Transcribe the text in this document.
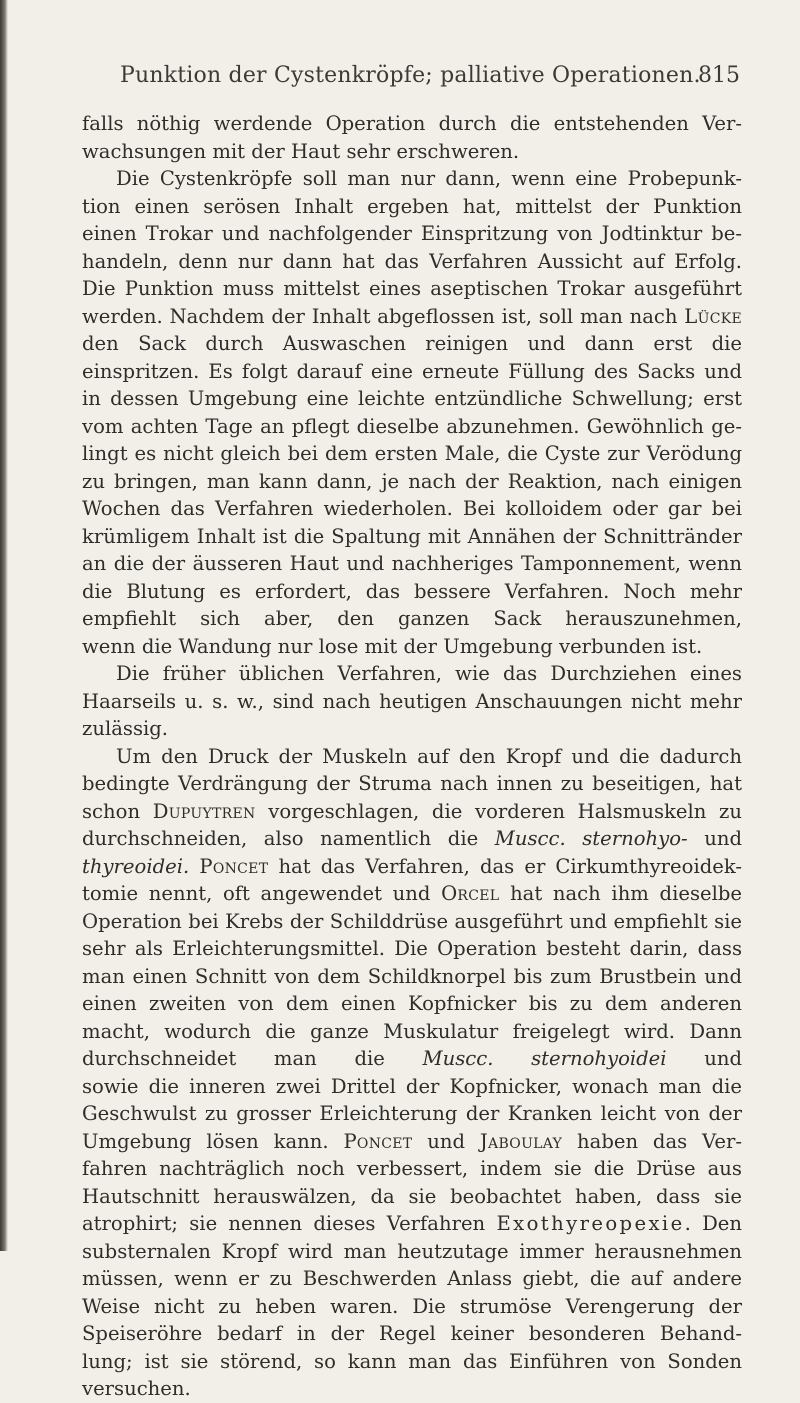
Punktion der Cystenkröpfe; palliative Operationen.
815
falls nöthig werdende Operation durch die entstehenden Ver-
wachsungen mit der Haut sehr erschweren.
Die Cystenkröpfe soll man nur dann, wenn eine Probepunk-
tion einen serösen Inhalt ergeben hat, mittelst der Punktion
einen Trokar und nachfolgender Einspritzung von Jodtinktur be-
handeln, denn nur dann hat das Verfahren Aussicht auf Erfolg.
Die Punktion muss mittelst eines aseptischen Trokar ausgeführt
werden. Nachdem der Inhalt abgeflossen ist, soll man nach Lücke
den Sack durch Auswaschen reinigen und dann erst die
einspritzen. Es folgt darauf eine erneute Füllung des Sacks und
in dessen Umgebung eine leichte entzündliche Schwellung; erst
vom achten Tage an pflegt dieselbe abzunehmen. Gewöhnlich ge-
lingt es nicht gleich bei dem ersten Male, die Cyste zur Verödung
zu bringen, man kann dann, je nach der Reaktion, nach einigen
Wochen das Verfahren wiederholen. Bei kolloidem oder gar bei
krümligem Inhalt ist die Spaltung mit Annähen der Schnittränder
an die der äusseren Haut und nachheriges Tamponnement, wenn
die Blutung es erfordert, das bessere Verfahren. Noch mehr
empfiehlt sich aber, den ganzen Sack herauszunehmen,
wenn die Wandung nur lose mit der Umgebung verbunden ist.
Die früher üblichen Verfahren, wie das Durchziehen eines
Haarseils u. s. w., sind nach heutigen Anschauungen nicht mehr
zulässig.
Um den Druck der Muskeln auf den Kropf und die dadurch
bedingte Verdrängung der Struma nach innen zu beseitigen, hat
schon Dupuytren vorgeschlagen, die vorderen Halsmuskeln zu
durchschneiden, also namentlich die Muscc. sternohyo- und
thyreoidei. Poncet hat das Verfahren, das er Cirkumthyreoidek-
tomie nennt, oft angewendet und Orcel hat nach ihm dieselbe
Operation bei Krebs der Schilddrüse ausgeführt und empfiehlt sie
sehr als Erleichterungsmittel. Die Operation besteht darin, dass
man einen Schnitt von dem Schildknorpel bis zum Brustbein und
einen zweiten von dem einen Kopfnicker bis zu dem anderen
macht, wodurch die ganze Muskulatur freigelegt wird. Dann
durchschneidet man die Muscc. sternohyoidei und
sowie die inneren zwei Drittel der Kopfnicker, wonach man die
Geschwulst zu grosser Erleichterung der Kranken leicht von der
Umgebung lösen kann. Poncet und Jaboulay haben das Ver-
fahren nachträglich noch verbessert, indem sie die Drüse aus
Hautschnitt herauswälzen, da sie beobachtet haben, dass sie
atrophirt; sie nennen dieses Verfahren Exothyreopexie. Den
substernalen Kropf wird man heutzutage immer herausnehmen
müssen, wenn er zu Beschwerden Anlass giebt, die auf andere
Weise nicht zu heben waren. Die strumöse Verengerung der
Speiseröhre bedarf in der Regel keiner besonderen Behand-
lung; ist sie störend, so kann man das Einführen von Sonden
versuchen.
